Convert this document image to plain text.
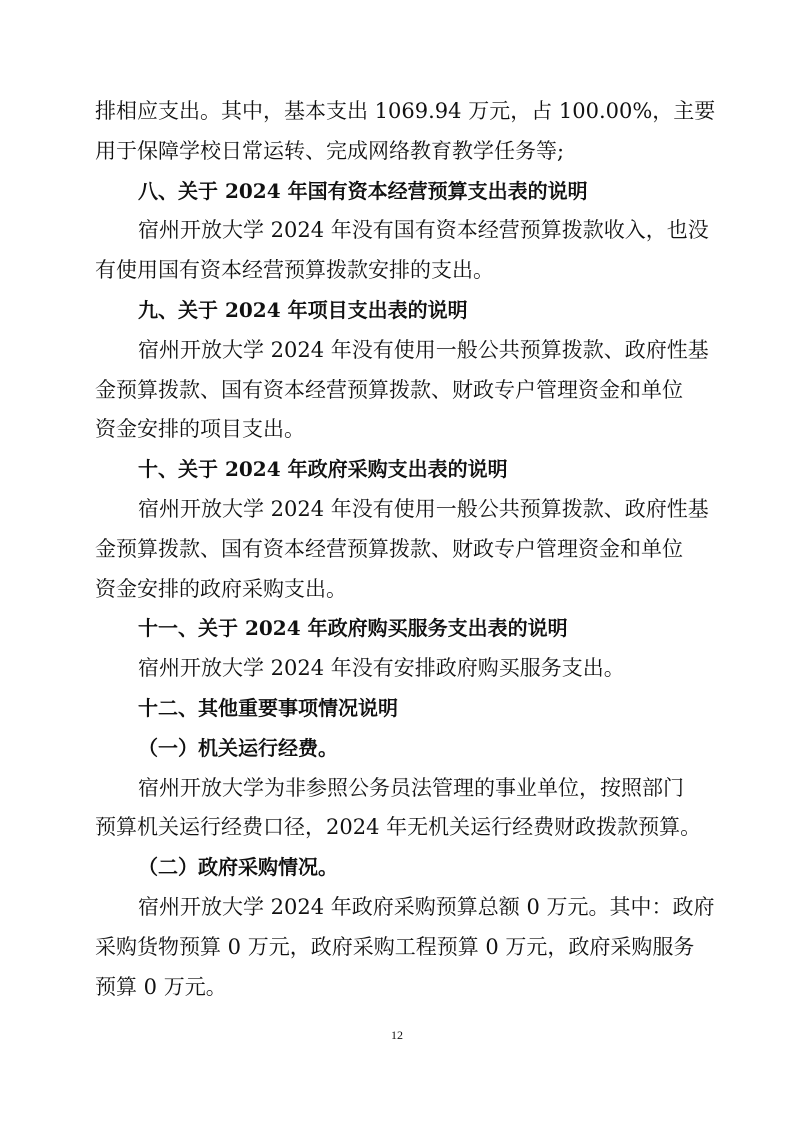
排相应支出。其中，基本支出 1069.94 万元，占 100.00%，主要
用于保障学校日常运转、完成网络教育教学任务等;
八、关于 2024 年国有资本经营预算支出表的说明
宿州开放大学 2024 年没有国有资本经营预算拨款收入，也没
有使用国有资本经营预算拨款安排的支出。
九、关于 2024 年项目支出表的说明
宿州开放大学 2024 年没有使用一般公共预算拨款、政府性基
金预算拨款、国有资本经营预算拨款、财政专户管理资金和单位
资金安排的项目支出。
十、关于 2024 年政府采购支出表的说明
宿州开放大学 2024 年没有使用一般公共预算拨款、政府性基
金预算拨款、国有资本经营预算拨款、财政专户管理资金和单位
资金安排的政府采购支出。
十一、关于 2024 年政府购买服务支出表的说明
宿州开放大学 2024 年没有安排政府购买服务支出。
十二、其他重要事项情况说明
（一）机关运行经费。
宿州开放大学为非参照公务员法管理的事业单位，按照部门
预算机关运行经费口径，2024 年无机关运行经费财政拨款预算。
（二）政府采购情况。
宿州开放大学 2024 年政府采购预算总额 0 万元。其中：政府
采购货物预算 0 万元，政府采购工程预算 0 万元，政府采购服务
预算 0 万元。
12
